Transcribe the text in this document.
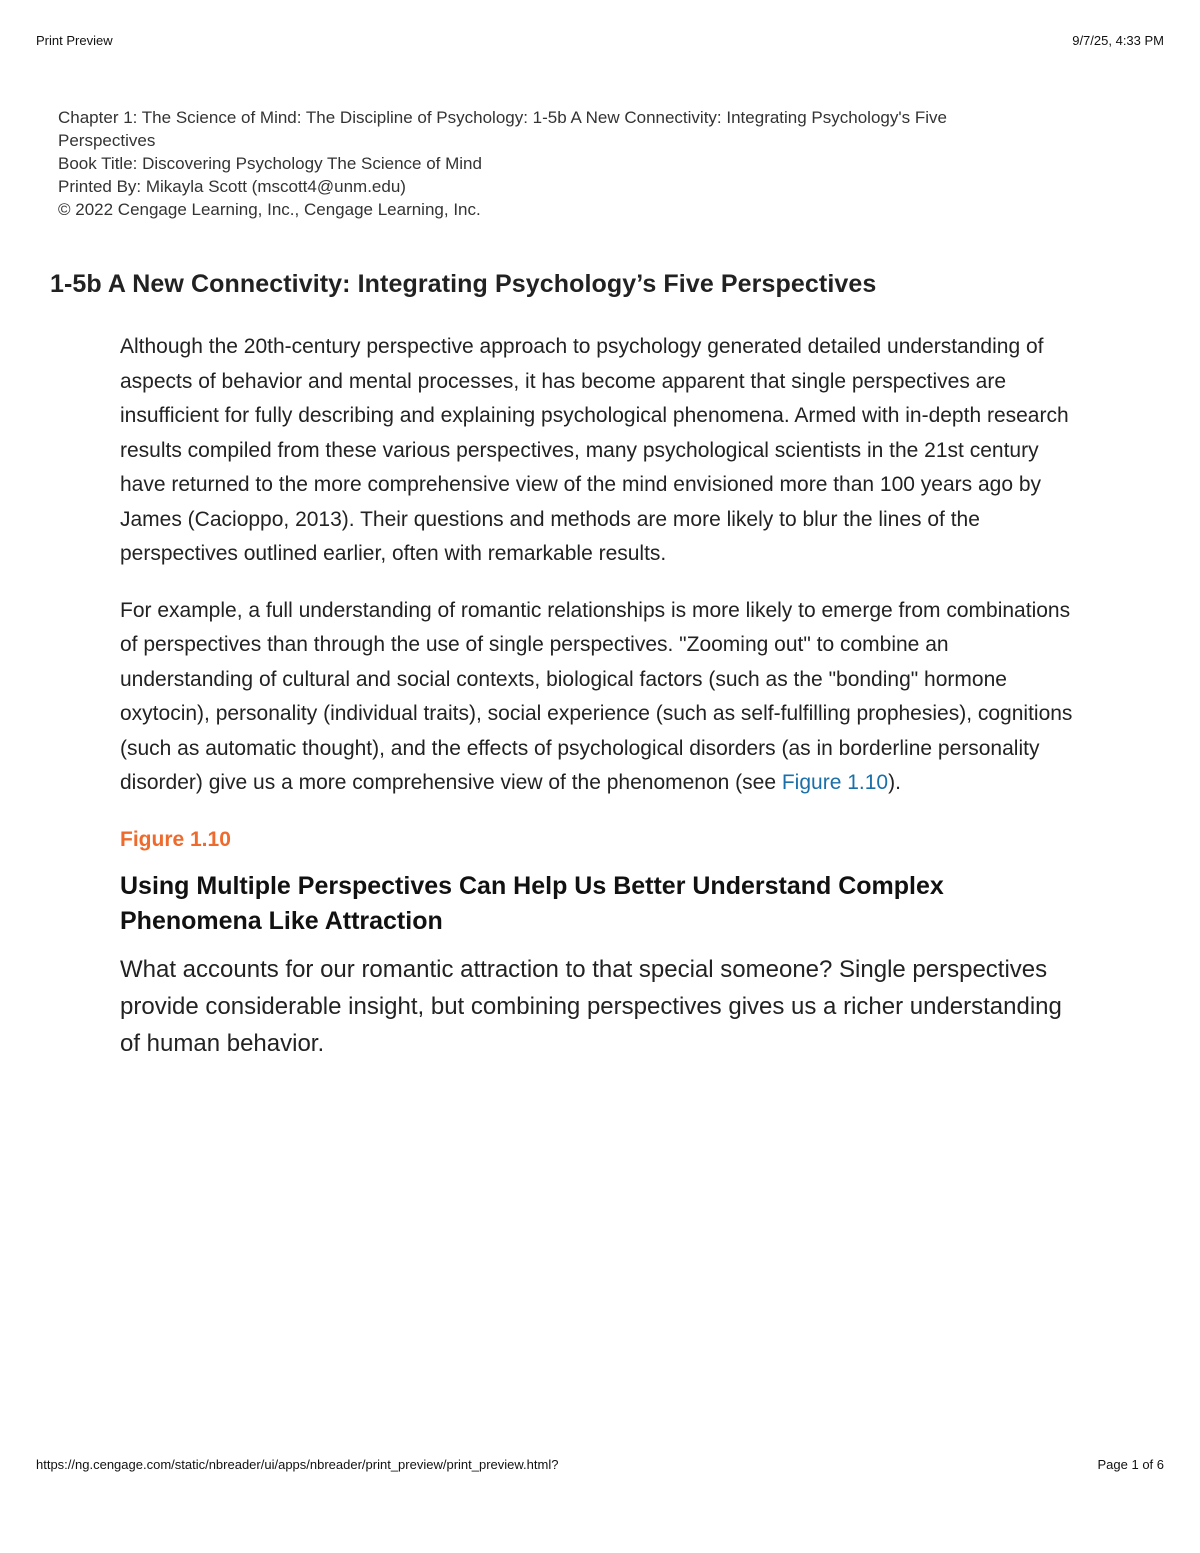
Print Preview	9/7/25, 4:33 PM
Chapter 1: The Science of Mind: The Discipline of Psychology: 1-5b A New Connectivity: Integrating Psychology's Five
Perspectives
Book Title: Discovering Psychology The Science of Mind
Printed By: Mikayla Scott (mscott4@unm.edu)
© 2022 Cengage Learning, Inc., Cengage Learning, Inc.
1-5b A New Connectivity: Integrating Psychology’s Five Perspectives

Although the 20th-century perspective approach to psychology generated detailed understanding of aspects of behavior and mental processes, it has become apparent that single perspectives are insufficient for fully describing and explaining psychological phenomena. Armed with in-depth research results compiled from these various perspectives, many psychological scientists in the 21st century have returned to the more comprehensive view of the mind envisioned more than 100 years ago by James (Cacioppo, 2013). Their questions and methods are more likely to blur the lines of the perspectives outlined earlier, often with remarkable results.

For example, a full understanding of romantic relationships is more likely to emerge from combinations of perspectives than through the use of single perspectives. "Zooming out" to combine an understanding of cultural and social contexts, biological factors (such as the "bonding" hormone oxytocin), personality (individual traits), social experience (such as self-fulfilling prophesies), cognitions (such as automatic thought), and the effects of psychological disorders (as in borderline personality disorder) give us a more comprehensive view of the phenomenon (see Figure 1.10).

Figure 1.10
Using Multiple Perspectives Can Help Us Better Understand Complex Phenomena Like Attraction

What accounts for our romantic attraction to that special someone? Single perspectives provide considerable insight, but combining perspectives gives us a richer understanding of human behavior.

https://ng.cengage.com/static/nbreader/ui/apps/nbreader/print_preview/print_preview.html?	Page 1 of 6
